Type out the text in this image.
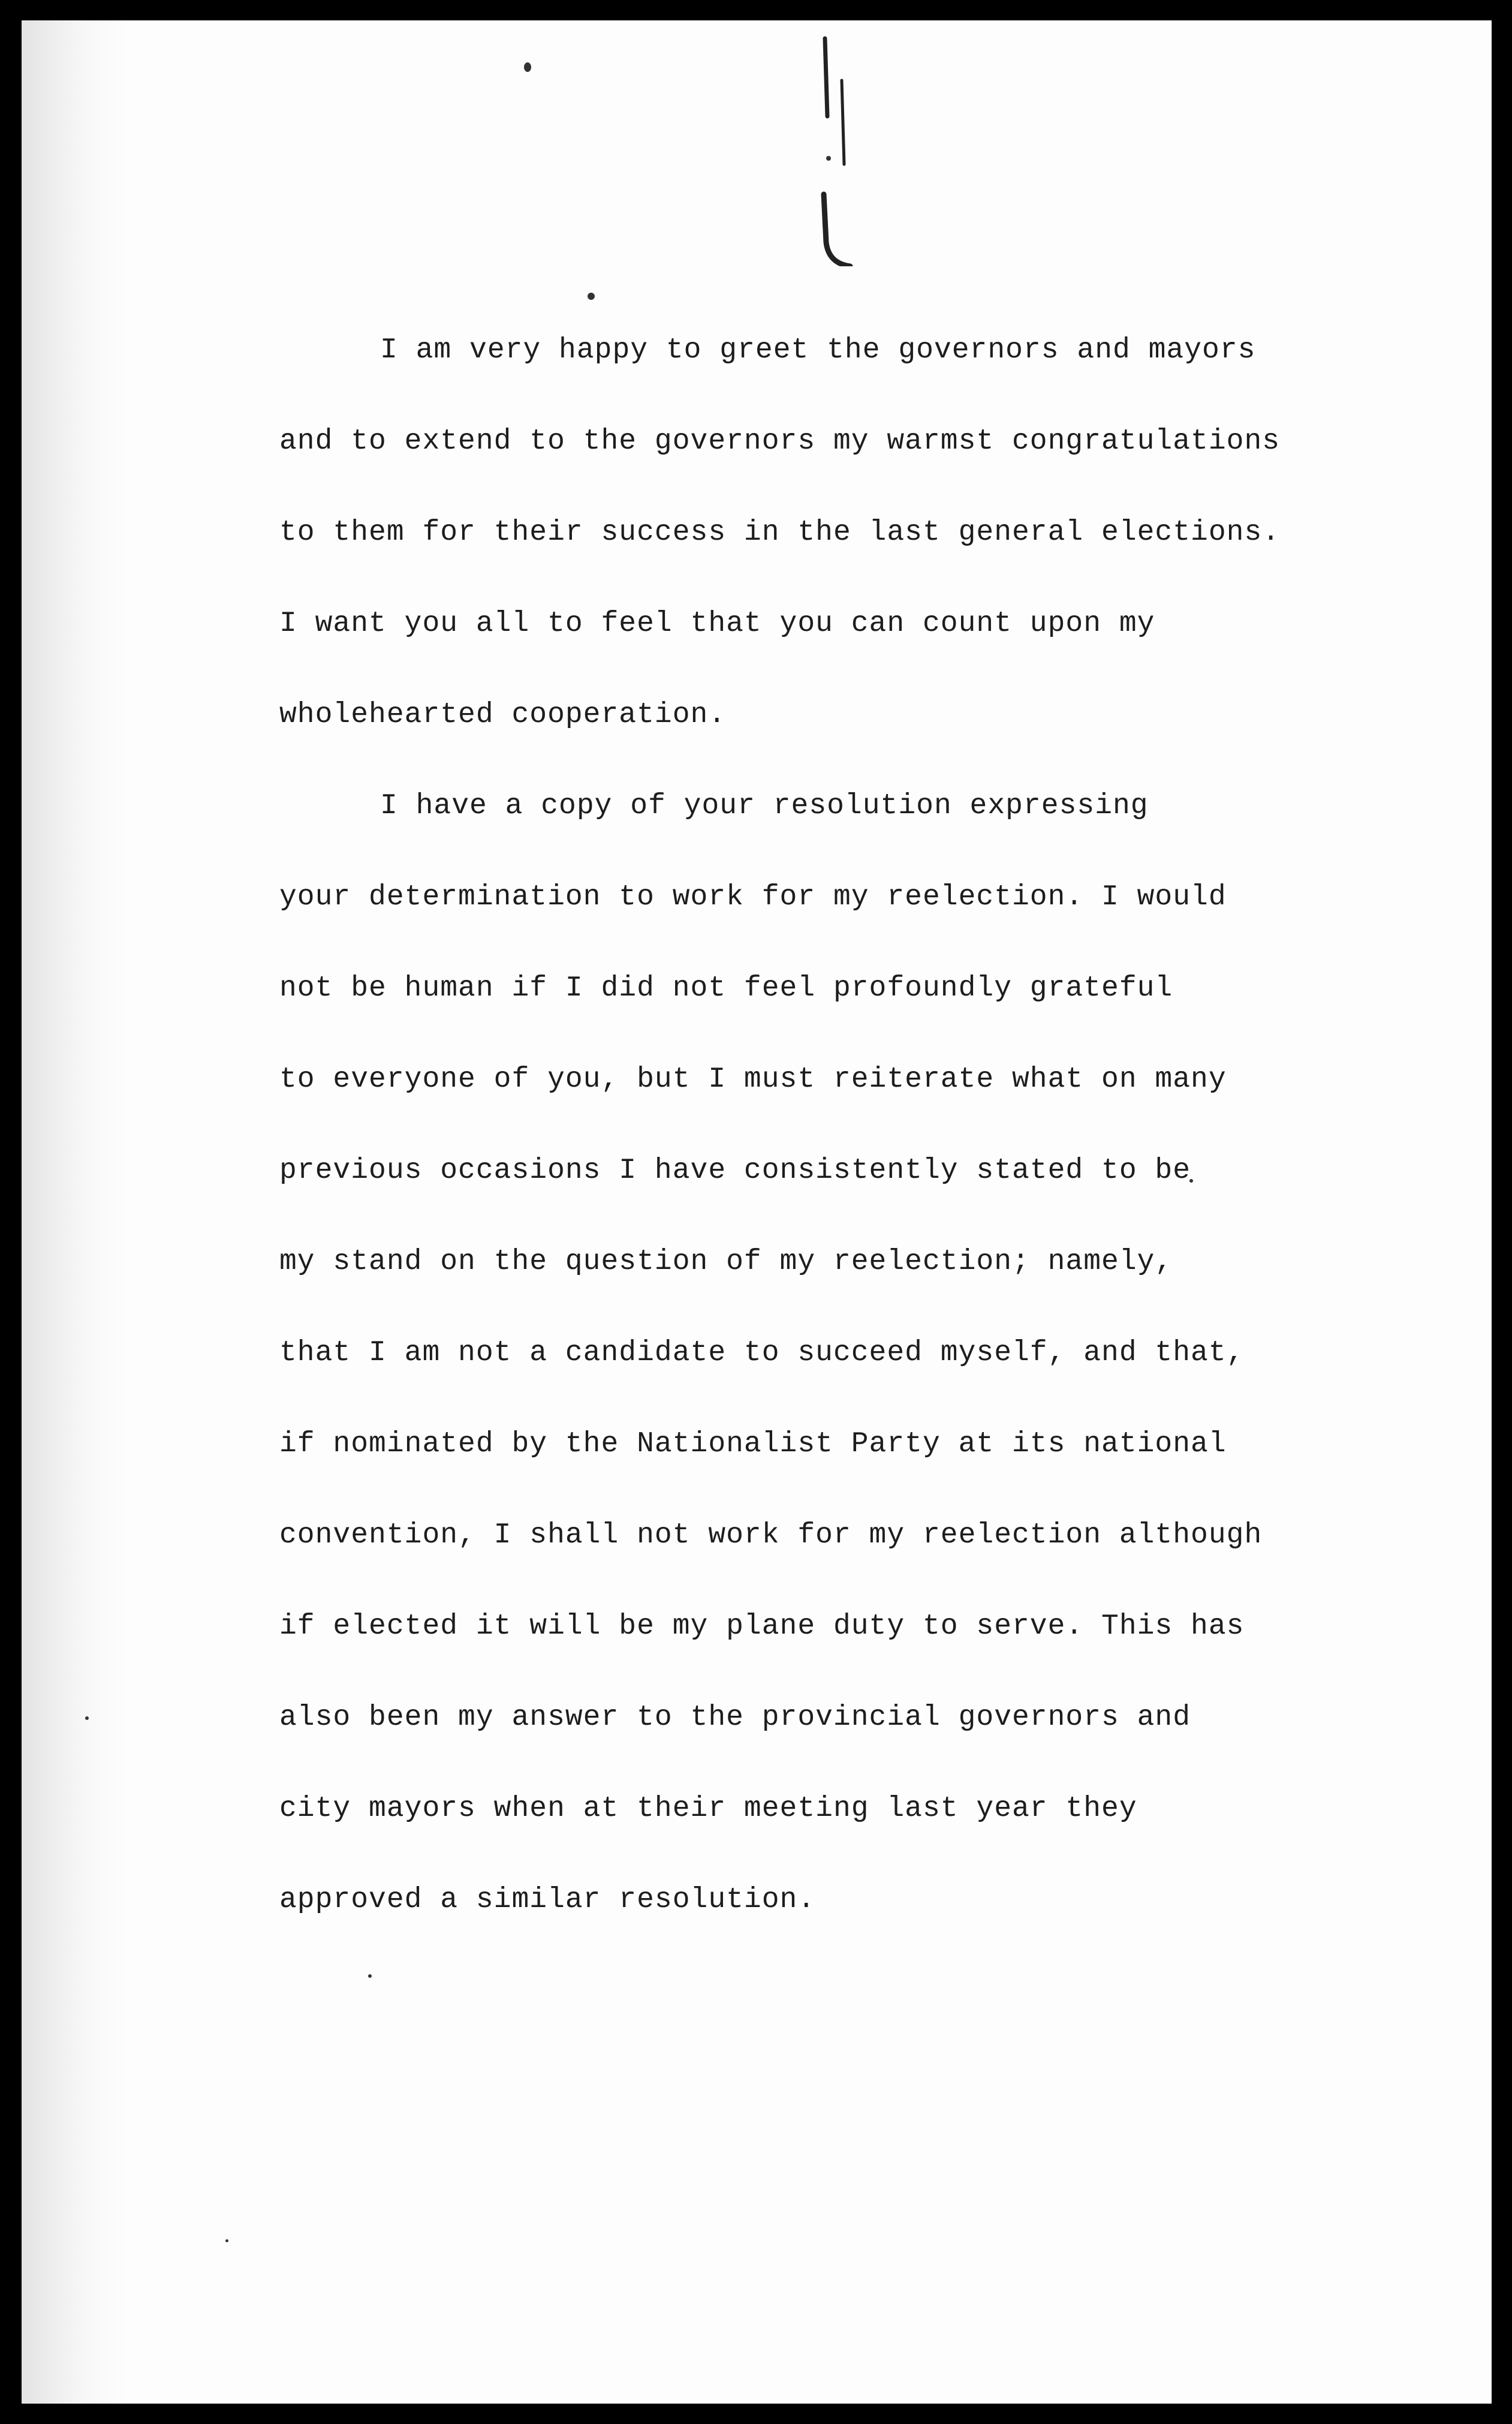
I am very happy to greet the governors and mayors
and to extend to the governors my warmst congratulations
to them for their success in the last general elections.
I want you all to feel that you can count upon my
wholehearted cooperation.
I have a copy of your resolution expressing
your determination to work for my reelection. I would
not be human if I did not feel profoundly grateful
to everyone of you, but I must reiterate what on many
previous occasions I have consistently stated to be
my stand on the question of my reelection; namely,
that I am not a candidate to succeed myself, and that,
if nominated by the Nationalist Party at its national
convention, I shall not work for my reelection although
if elected it will be my plane duty to serve. This has
also been my answer to the provincial governors and
city mayors when at their meeting last year they
approved a similar resolution.
